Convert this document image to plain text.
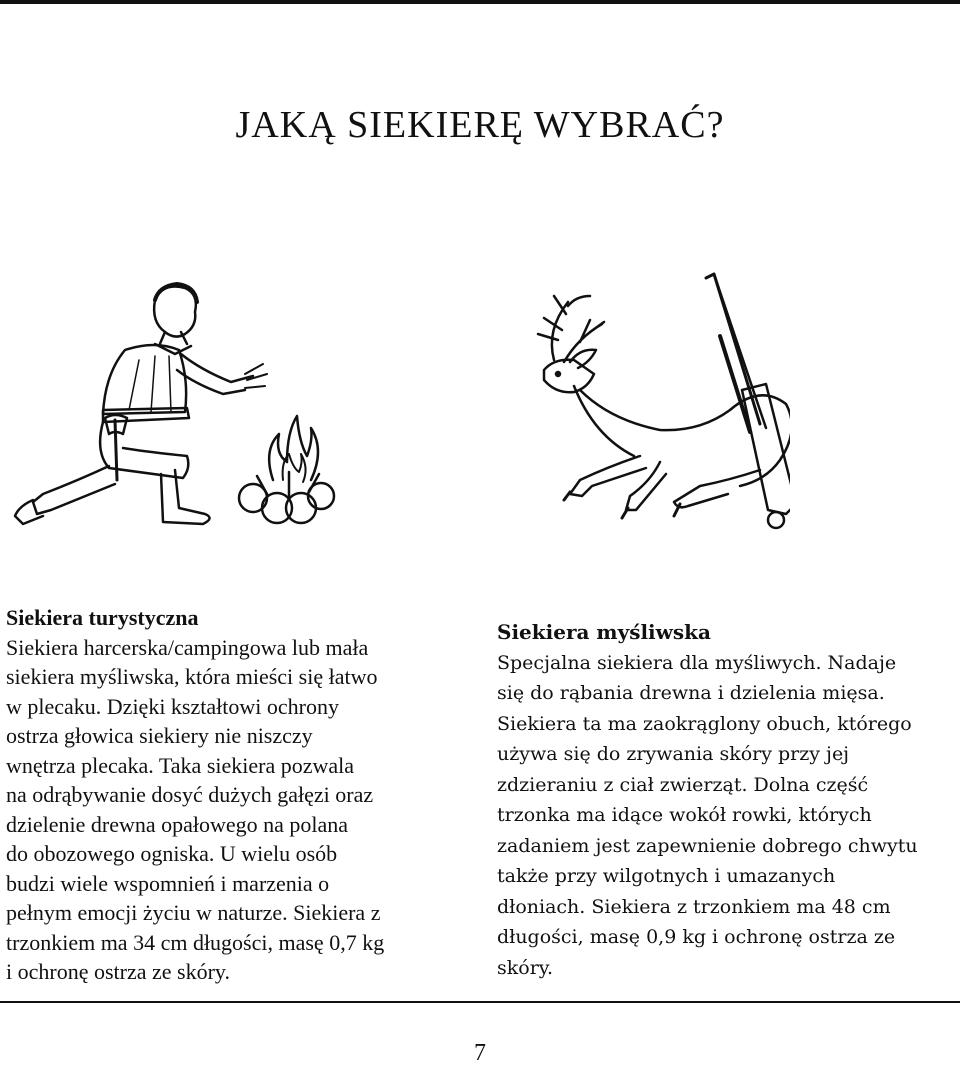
JAKĄ SIEKIERĘ WYBRAĆ?
Siekiera turystyczna

Siekiera harcerska/campingowa lub mała

siekiera myśliwska, która mieści się łatwo

w plecaku. Dzięki kształtowi ochrony

ostrza głowica siekiery nie niszczy

wnętrza plecaka. Taka siekiera pozwala

na odrąbywanie dosyć dużych gałęzi oraz

dzielenie drewna opałowego na polana

do obozowego ogniska. U wielu osób

budzi wiele wspomnień i marzenia o

pełnym emocji życiu w naturze. Siekiera z

trzonkiem ma 34 cm długości, masę 0,7 kg

i ochronę ostrza ze skóry.

Siekiera myśliwska

Specjalna siekiera dla myśliwych. Nadaje

się do rąbania drewna i dzielenia mięsa.

Siekiera ta ma zaokrąglony obuch, którego

używa się do zrywania skóry przy jej

zdzieraniu z ciał zwierząt. Dolna część

trzonka ma idące wokół rowki, których

zadaniem jest zapewnienie dobrego chwytu

także przy wilgotnych i umazanych

dłoniach. Siekiera z trzonkiem ma 48 cm

długości, masę 0,9 kg i ochronę ostrza ze

skóry.

7
